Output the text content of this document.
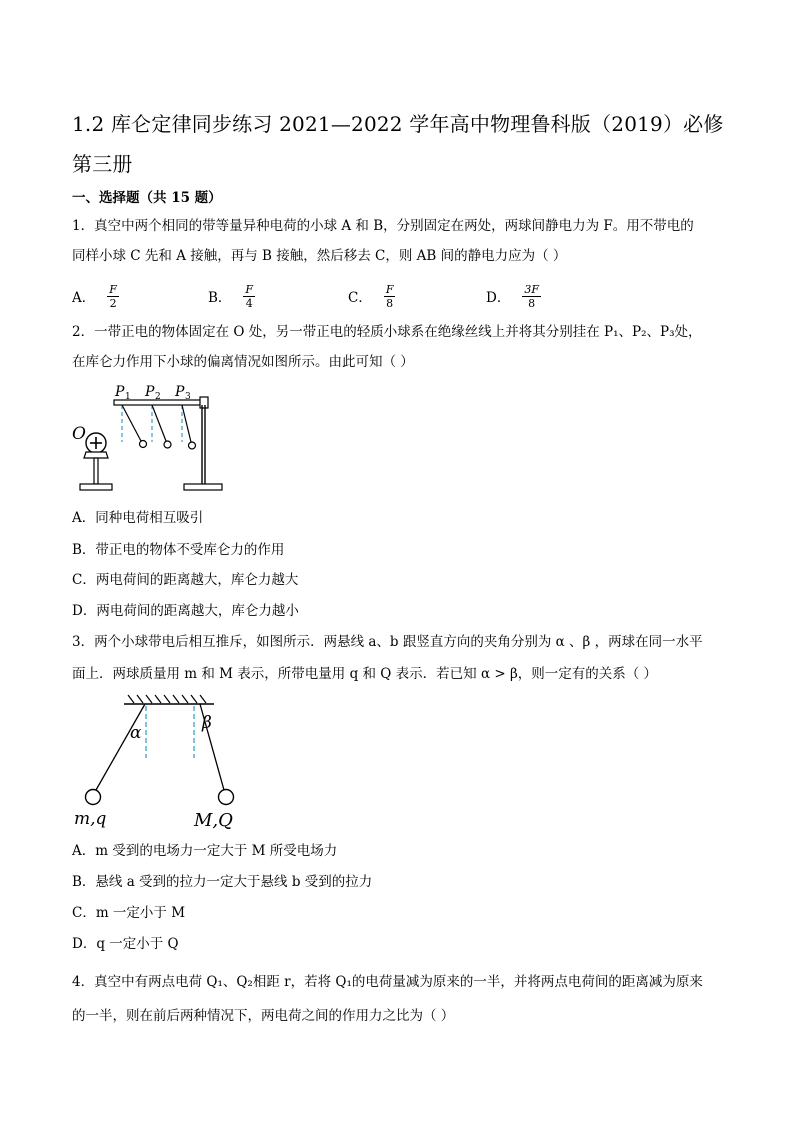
1.2 库仑定律同步练习 2021—2022 学年高中物理鲁科版（2019）必修
第三册
一、选择题（共 15 题）
1．真空中两个相同的带等量异种电荷的小球 A 和 B，分别固定在两处，两球间静电力为 F。用不带电的
同样小球 C 先和 A 接触，再与 B 接触，然后移去 C，则 AB 间的静电力应为（ ）
A． $\frac{F}{2}$	B． $\frac{F}{4}$	C． $\frac{F}{8}$	D． $\frac{3F}{8}$
2．一带正电的物体固定在 O 处，另一带正电的轻质小球系在绝缘丝线上并将其分别挂在 P₁、P₂、P₃处，
在库仑力作用下小球的偏离情况如图所示。由此可知（ ）
O
P 1 P 2 P 3
A．同种电荷相互吸引
B．带正电的物体不受库仑力的作用
C．两电荷间的距离越大，库仑力越大
D．两电荷间的距离越大，库仑力越小
3．两个小球带电后相互推斥，如图所示．两悬线 a、b 跟竖直方向的夹角分别为 α 、β ，两球在同一水平
面上．两球质量用 m 和 M 表示，所带电量用 q 和 Q 表示．若已知 α > β，则一定有的关系（ ）
α	β
m,q	M,Q
A．m 受到的电场力一定大于 M 所受电场力
B．悬线 a 受到的拉力一定大于悬线 b 受到的拉力
C．m 一定小于 M
D．q 一定小于 Q
4．真空中有两点电荷 Q₁、Q₂相距 r，若将 Q₁的电荷量减为原来的一半，并将两点电荷间的距离减为原来
的一半，则在前后两种情况下，两电荷之间的作用力之比为（ ）
